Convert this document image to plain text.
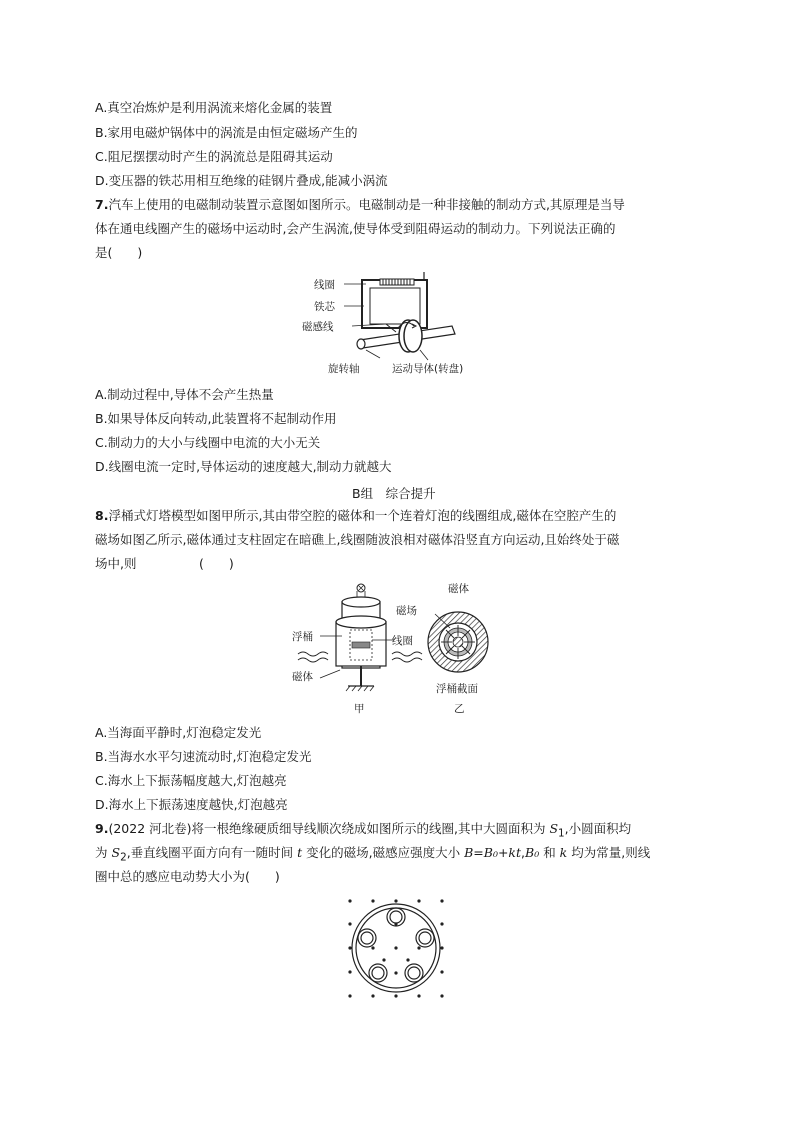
A.真空冶炼炉是利用涡流来熔化金属的装置
B.家用电磁炉锅体中的涡流是由恒定磁场产生的
C.阻尼摆摆动时产生的涡流总是阻碍其运动
D.变压器的铁芯用相互绝缘的硅钢片叠成,能减小涡流
7.汽车上使用的电磁制动装置示意图如图所示。电磁制动是一种非接触的制动方式,其原理是当导
体在通电线圈产生的磁场中运动时,会产生涡流,使导体受到阻碍运动的制动力。下列说法正确的
是(　　)
线圈
铁芯
磁感线
旋转轴	运动导体(转盘)
A.制动过程中,导体不会产生热量
B.如果导体反向转动,此装置将不起制动作用
C.制动力的大小与线圈中电流的大小无关
D.线圈电流一定时,导体运动的速度越大,制动力就越大
B组　综合提升
8.浮桶式灯塔模型如图甲所示,其由带空腔的磁体和一个连着灯泡的线圈组成,磁体在空腔产生的
磁场如图乙所示,磁体通过支柱固定在暗礁上,线圈随波浪相对磁体沿竖直方向运动,且始终处于磁
场中,则　　　　　(　　)
浮桶	线圈
磁体
甲
磁体
磁场
浮桶截面
乙
A.当海面平静时,灯泡稳定发光
B.当海水水平匀速流动时,灯泡稳定发光
C.海水上下振荡幅度越大,灯泡越亮
D.海水上下振荡速度越快,灯泡越亮
9.(2022 河北卷)将一根绝缘硬质细导线顺次绕成如图所示的线圈,其中大圆面积为 $S_1$,小圆面积均
为 $S_2$,垂直线圈平面方向有一随时间 t 变化的磁场,磁感应强度大小 B=B₀+kt,B₀ 和 k 均为常量,则线
圈中总的感应电动势大小为(　　)
